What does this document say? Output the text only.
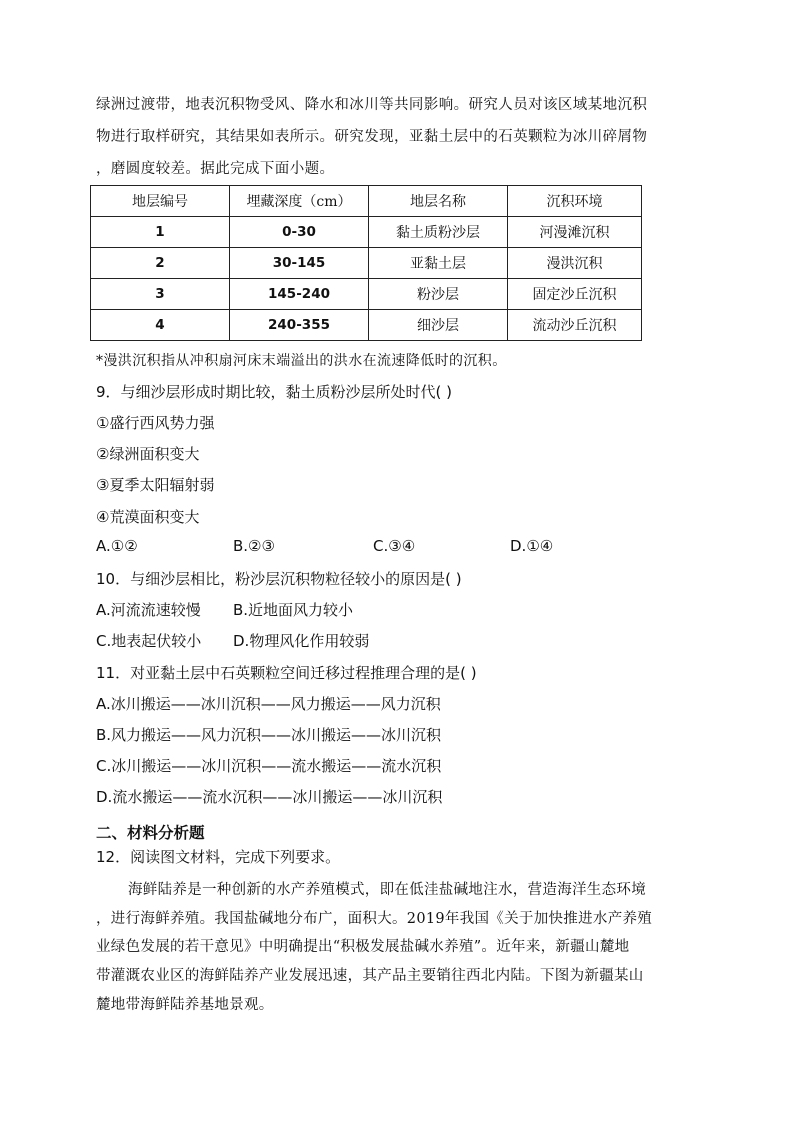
绿洲过渡带，地表沉积物受风、降水和冰川等共同影响。研究人员对该区域某地沉积
物进行取样研究，其结果如表所示。研究发现，亚黏土层中的石英颗粒为冰川碎屑物
，磨圆度较差。据此完成下面小题。
地层编号	埋藏深度（cm）	地层名称	沉积环境
1	0-30	黏土质粉沙层	河漫滩沉积
2	30-145	亚黏土层	漫洪沉积
3	145-240	粉沙层	固定沙丘沉积
4	240-355	细沙层	流动沙丘沉积
*漫洪沉积指从冲积扇河床末端溢出的洪水在流速降低时的沉积。
9．与细沙层形成时期比较，黏土质粉沙层所处时代( )
①盛行西风势力强
②绿洲面积变大
③夏季太阳辐射弱
④荒漠面积变大
A.①②	B.②③	C.③④	D.①④
10．与细沙层相比，粉沙层沉积物粒径较小的原因是( )
A.河流流速较慢 B.近地面风力较小
C.地表起伏较小 D.物理风化作用较弱
11．对亚黏土层中石英颗粒空间迁移过程推理合理的是( )
A.冰川搬运——冰川沉积——风力搬运——风力沉积
B.风力搬运——风力沉积——冰川搬运——冰川沉积
C.冰川搬运——冰川沉积——流水搬运——流水沉积
D.流水搬运——流水沉积——冰川搬运——冰川沉积
二、材料分析题
12．阅读图文材料，完成下列要求。
海鲜陆养是一种创新的水产养殖模式，即在低洼盐碱地注水，营造海洋生态环境
，进行海鲜养殖。我国盐碱地分布广，面积大。2019年我国《关于加快推进水产养殖
业绿色发展的若干意见》中明确提出“积极发展盐碱水养殖”。近年来，新疆山麓地
带灌溉农业区的海鲜陆养产业发展迅速，其产品主要销往西北内陆。下图为新疆某山
麓地带海鲜陆养基地景观。
